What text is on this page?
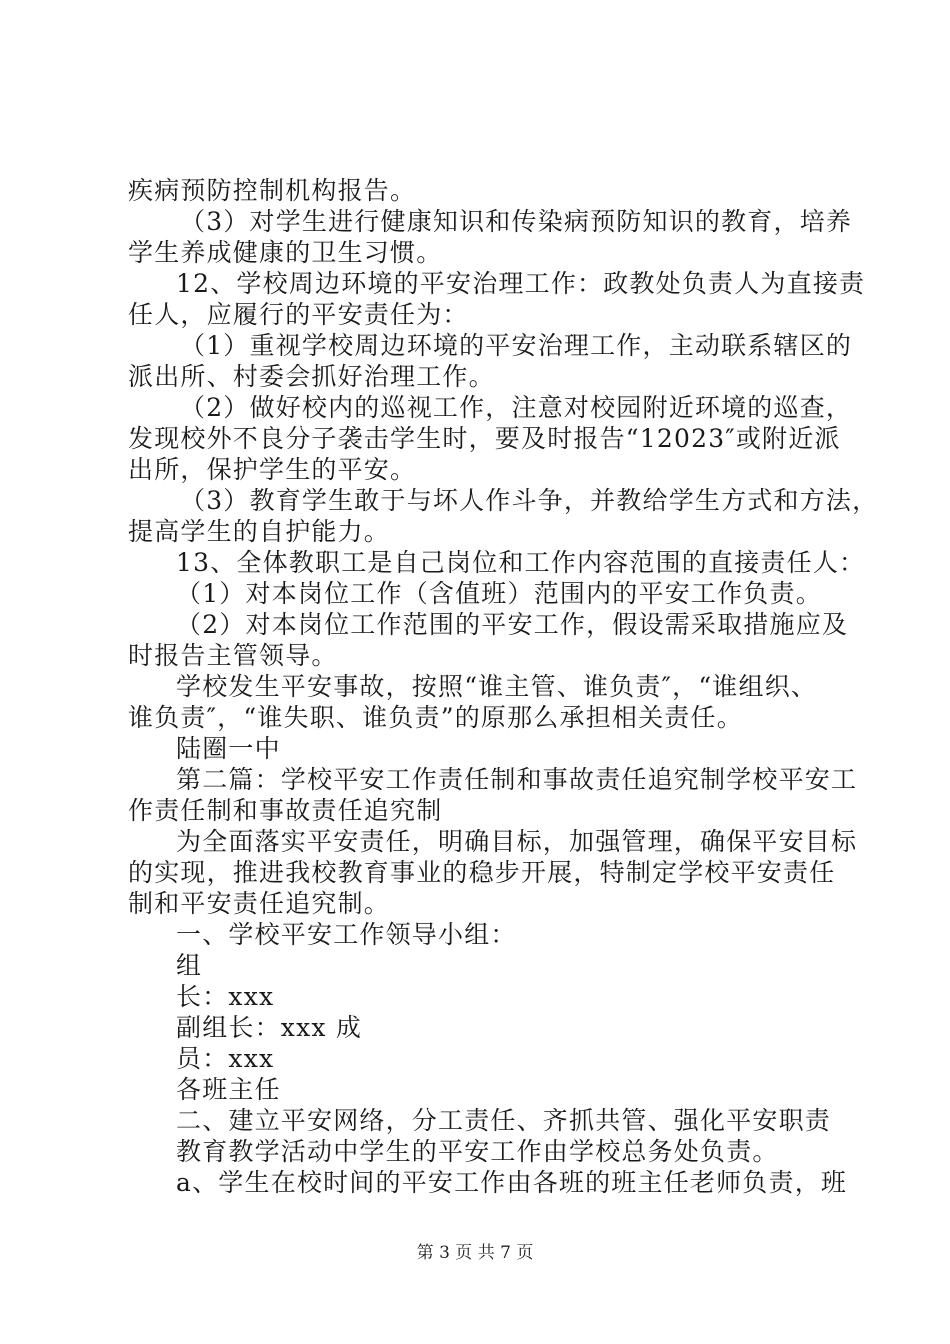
疾病预防控制机构报告。
（3）对学生进行健康知识和传染病预防知识的教育，培养
学生养成健康的卫生习惯。
12、学校周边环境的平安治理工作：政教处负责人为直接责
任人，应履行的平安责任为：
（1）重视学校周边环境的平安治理工作，主动联系辖区的
派出所、村委会抓好治理工作。
（2）做好校内的巡视工作，注意对校园附近环境的巡查，
发现校外不良分子袭击学生时，要及时报告“12023″或附近派
出所，保护学生的平安。
（3）教育学生敢于与坏人作斗争，并教给学生方式和方法，
提高学生的自护能力。
13、全体教职工是自己岗位和工作内容范围的直接责任人：
（1）对本岗位工作（含值班）范围内的平安工作负责。
（2）对本岗位工作范围的平安工作，假设需采取措施应及
时报告主管领导。
学校发生平安事故，按照“谁主管、谁负责″，“谁组织、
谁负责″，“谁失职、谁负责”的原那么承担相关责任。
陆圈一中
第二篇：学校平安工作责任制和事故责任追究制学校平安工
作责任制和事故责任追究制
为全面落实平安责任，明确目标，加强管理，确保平安目标
的实现，推进我校教育事业的稳步开展，特制定学校平安责任
制和平安责任追究制。
一、学校平安工作领导小组：
组
长：xxx
副组长：xxx 成
员：xxx
各班主任
二、建立平安网络，分工责任、齐抓共管、强化平安职责
教育教学活动中学生的平安工作由学校总务处负责。
a、学生在校时间的平安工作由各班的班主任老师负责，班
第 3 页 共 7 页
